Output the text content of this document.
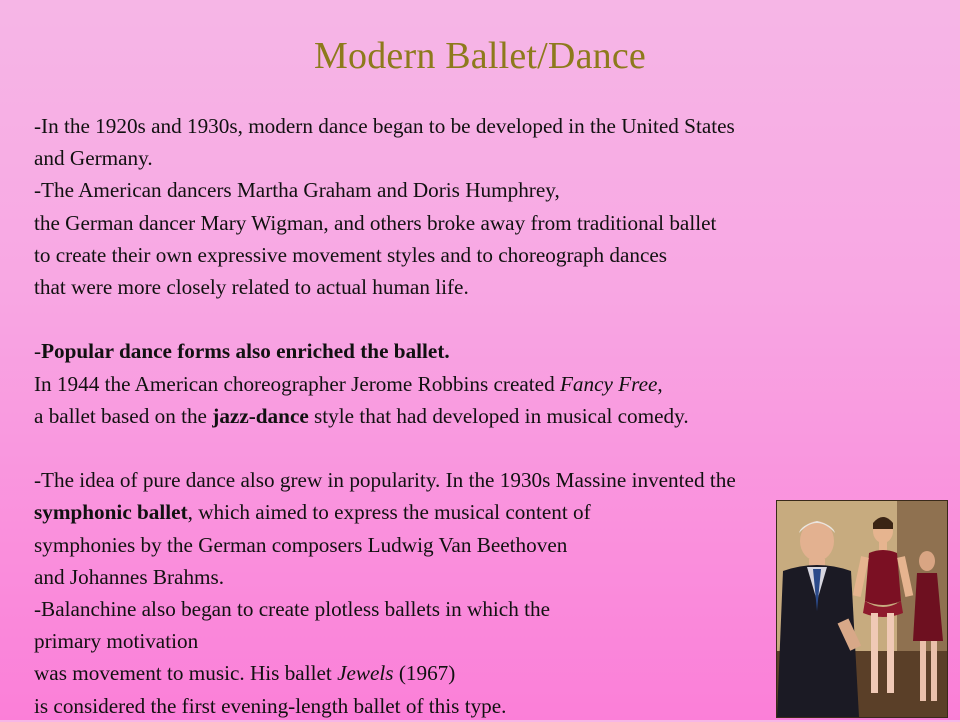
Modern Ballet/Dance
-In the 1920s and 1930s, modern dance began to be developed in the United States
and Germany.
-The American dancers Martha Graham and Doris Humphrey,
the German dancer Mary Wigman, and others broke away from traditional ballet
to create their own expressive movement styles and to choreograph dances
that were more closely related to actual human life.
-Popular dance forms also enriched the ballet.
In 1944 the American choreographer Jerome Robbins created Fancy Free,
a ballet based on the jazz-dance style that had developed in musical comedy.
-The idea of pure dance also grew in popularity. In the 1930s Massine invented the
symphonic ballet, which aimed to express the musical content of
symphonies by the German composers Ludwig Van Beethoven
and Johannes Brahms.
-Balanchine also began to create plotless ballets in which the
primary motivation
was movement to music. His ballet Jewels (1967)
is considered the first evening-length ballet of this type.
